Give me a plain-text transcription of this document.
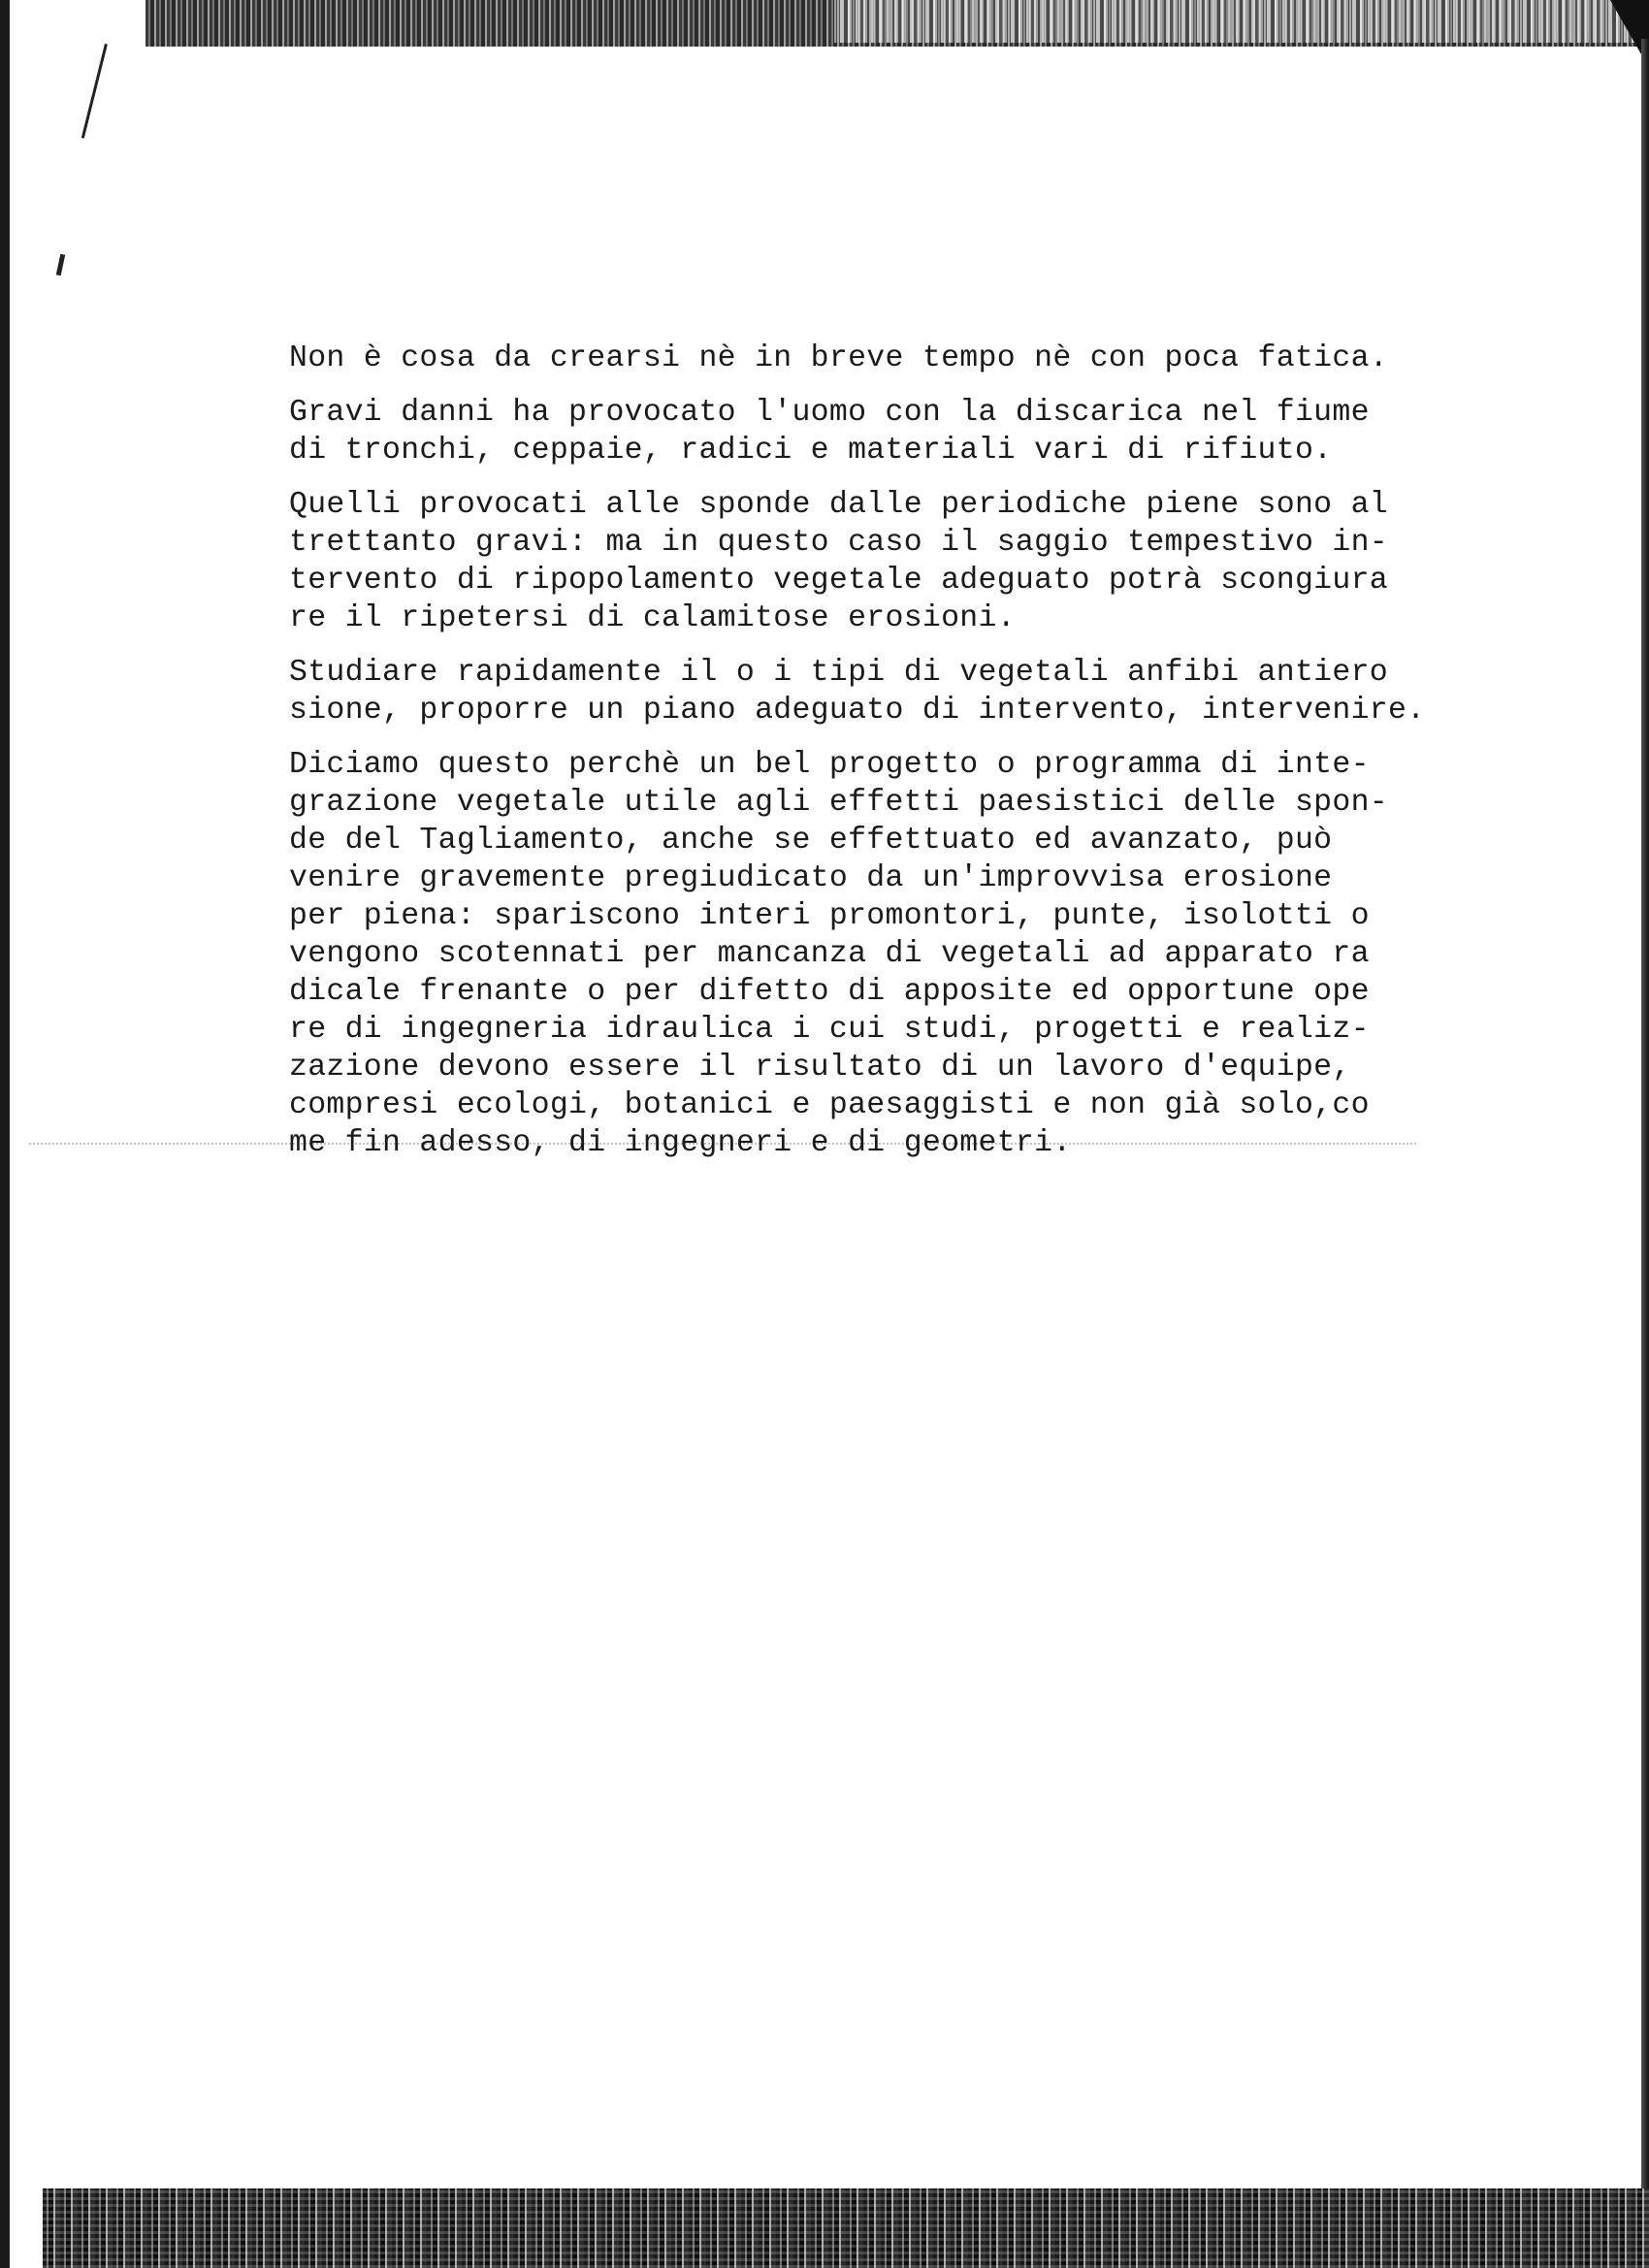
Non è cosa da crearsi nè in breve tempo nè con poca fatica.

Gravi danni ha provocato l'uomo con la discarica nel fiume
di tronchi, ceppaie, radici e materiali vari di rifiuto.

Quelli provocati alle sponde dalle periodiche piene sono al
trettanto gravi: ma in questo caso il saggio tempestivo in-
tervento di ripopolamento vegetale adeguato potrà scongiura
re il ripetersi di calamitose erosioni.

Studiare rapidamente il o i tipi di vegetali anfibi antiero
sione, proporre un piano adeguato di intervento, intervenire.

Diciamo questo perchè un bel progetto o programma di inte-
grazione vegetale utile agli effetti paesistici delle spon-
de del Tagliamento, anche se effettuato ed avanzato, può
venire gravemente pregiudicato da un'improvvisa erosione
per piena: spariscono interi promontori, punte, isolotti o
vengono scotennati per mancanza di vegetali ad apparato ra
dicale frenante o per difetto di apposite ed opportune ope
re di ingegneria idraulica i cui studi, progetti e realiz-
zazione devono essere il risultato di un lavoro d'equipe,
compresi ecologi, botanici e paesaggisti e non già solo,co
me fin adesso, di ingegneri e di geometri.
